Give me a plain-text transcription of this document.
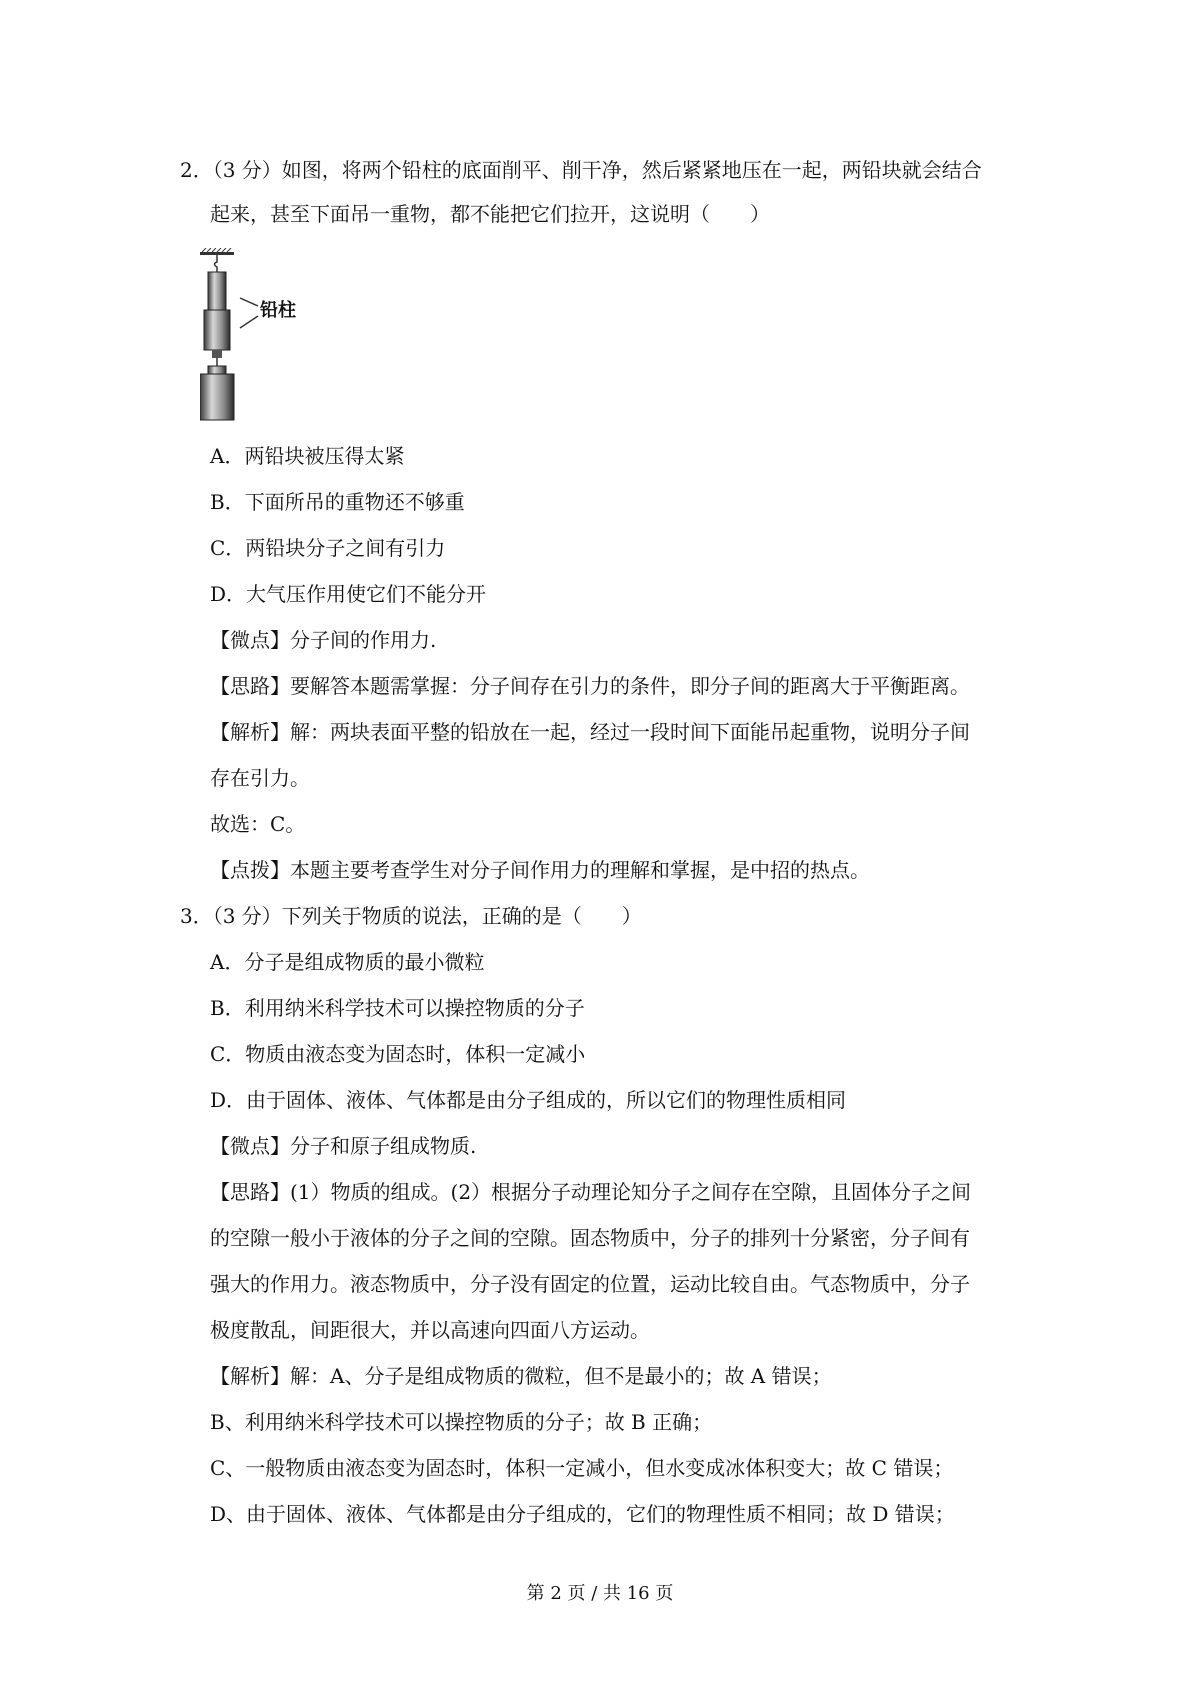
2．（3 分）如图，将两个铅柱的底面削平、削干净，然后紧紧地压在一起，两铅块就会结合
起来，甚至下面吊一重物，都不能把它们拉开，这说明（　　）
铅柱
A．两铅块被压得太紧
B．下面所吊的重物还不够重
C．两铅块分子之间有引力
D．大气压作用使它们不能分开
【微点】分子间的作用力.
【思路】要解答本题需掌握：分子间存在引力的条件，即分子间的距离大于平衡距离。
【解析】解：两块表面平整的铅放在一起，经过一段时间下面能吊起重物，说明分子间
存在引力。
故选：C。
【点拨】本题主要考查学生对分子间作用力的理解和掌握，是中招的热点。
3．（3 分）下列关于物质的说法，正确的是（　　）
A．分子是组成物质的最小微粒
B．利用纳米科学技术可以操控物质的分子
C．物质由液态变为固态时，体积一定减小
D．由于固体、液体、气体都是由分子组成的，所以它们的物理性质相同
【微点】分子和原子组成物质.
【思路】(1）物质的组成。(2）根据分子动理论知分子之间存在空隙，且固体分子之间
的空隙一般小于液体的分子之间的空隙。固态物质中，分子的排列十分紧密，分子间有
强大的作用力。液态物质中，分子没有固定的位置，运动比较自由。气态物质中，分子
极度散乱，间距很大，并以高速向四面八方运动。
【解析】解：A、分子是组成物质的微粒，但不是最小的；故 A 错误；
B、利用纳米科学技术可以操控物质的分子；故 B 正确；
C、一般物质由液态变为固态时，体积一定减小，但水变成冰体积变大；故 C 错误；
D、由于固体、液体、气体都是由分子组成的，它们的物理性质不相同；故 D 错误；
第 2 页 / 共 16 页
